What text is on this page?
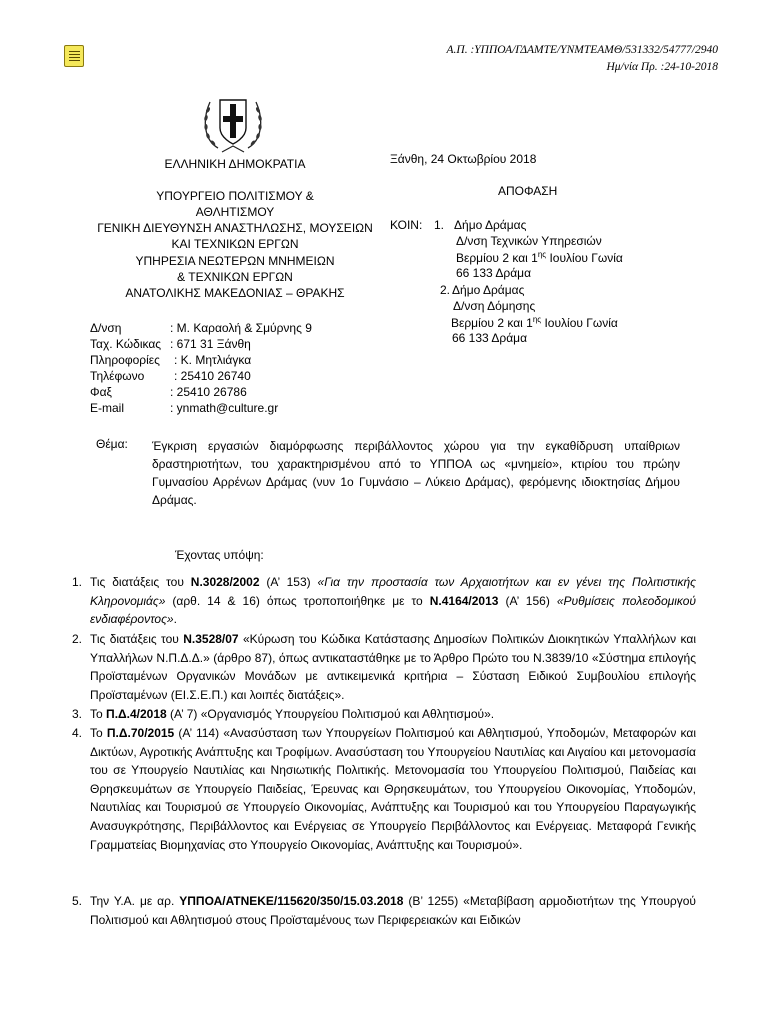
Α.Π. :ΥΠΠΟΑ/ΓΔΑΜΤΕ/ΥΝΜΤΕΑΜΘ/531332/54777/2940
Ημ/νία Πρ. :24-10-2018
ΕΛΛΗΝΙΚΗ ΔΗΜΟΚΡΑΤΙΑ
ΥΠΟΥΡΓΕΙΟ ΠΟΛΙΤΙΣΜΟΥ &
ΑΘΛΗΤΙΣΜΟΥ
ΓΕΝΙΚΗ ΔΙΕΥΘΥΝΣΗ ΑΝΑΣΤΗΛΩΣΗΣ, ΜΟΥΣΕΙΩΝ
ΚΑΙ ΤΕΧΝΙΚΩΝ ΕΡΓΩΝ
ΥΠΗΡΕΣΙΑ ΝΕΩΤΕΡΩΝ ΜΝΗΜΕΙΩΝ
& ΤΕΧΝΙΚΩΝ ΕΡΓΩΝ
ΑΝΑΤΟΛΙΚΗΣ ΜΑΚΕΔΟΝΙΑΣ – ΘΡΑΚΗΣ
Ξάνθη, 24 Οκτωβρίου 2018
ΑΠΟΦΑΣΗ
ΚΟΙΝ: 1. Δήμο Δράμας
Δ/νση Τεχνικών Υπηρεσιών
Βερμίου 2 και $1^{\eta\varsigma}$ Ιουλίου Γωνία
66 133 Δράμα
2. Δήμο Δράμας
Δ/νση Δόμησης
Βερμίου 2 και $1^{\eta\varsigma}$ Ιουλίου Γωνία
66 133 Δράμα
Δ/νση	: Μ. Καραολή & Σμύρνης 9
Ταχ. Κώδικας : 671 31 Ξάνθη
Πληροφορίες : Κ. Μητλιάγκα
Τηλέφωνο : 25410 26740
Φαξ	: 25410 26786
E-mail	: ynmath@culture.gr
Θέμα: Έγκριση εργασιών διαμόρφωσης περιβάλλοντος χώρου για την εγκαθίδρυση υπαίθριων δραστηριοτήτων, του χαρακτηρισμένου από το ΥΠΠΟΑ ως «μνημείο», κτιρίου του πρώην Γυμνασίου Αρρένων Δράμας (νυν 1ο Γυμνάσιο – Λύκειο Δράμας), φερόμενης ιδιοκτησίας Δήμου Δράμας.
Έχοντας υπόψη:
1. Τις διατάξεις του Ν.3028/2002 (Α’ 153) «Για την προστασία των Αρχαιοτήτων και εν γένει της Πολιτιστικής Κληρονομιάς» (αρθ. 14 & 16) όπως τροποποιήθηκε με το Ν.4164/2013 (Α’ 156) «Ρυθμίσεις πολεοδομικού ενδιαφέροντος».
2. Τις διατάξεις του Ν.3528/07 «Κύρωση του Κώδικα Κατάστασης Δημοσίων Πολιτικών Διοικητικών Υπαλλήλων και Υπαλλήλων Ν.Π.Δ.Δ.» (άρθρο 87), όπως αντικαταστάθηκε με το Άρθρο Πρώτο του Ν.3839/10 «Σύστημα επιλογής Προϊσταμένων Οργανικών Μονάδων με αντικειμενικά κριτήρια – Σύσταση Ειδικού Συμβουλίου επιλογής Προϊσταμένων (ΕΙ.Σ.Ε.Π.) και λοιπές διατάξεις».
3. Το Π.Δ.4/2018 (Α’ 7) «Οργανισμός Υπουργείου Πολιτισμού και Αθλητισμού».
4. Το Π.Δ.70/2015 (Α’ 114) «Ανασύσταση των Υπουργείων Πολιτισμού και Αθλητισμού, Υποδομών, Μεταφορών και Δικτύων, Αγροτικής Ανάπτυξης και Τροφίμων. Ανασύσταση του Υπουργείου Ναυτιλίας και Αιγαίου και μετονομασία του σε Υπουργείο Ναυτιλίας και Νησιωτικής Πολιτικής. Μετονομασία του Υπουργείου Πολιτισμού, Παιδείας και Θρησκευμάτων σε Υπουργείο Παιδείας, Έρευνας και Θρησκευμάτων, του Υπουργείου Οικονομίας, Υποδομών, Ναυτιλίας και Τουρισμού σε Υπουργείο Οικονομίας, Ανάπτυξης και Τουρισμού και του Υπουργείου Παραγωγικής Ανασυγκρότησης, Περιβάλλοντος και Ενέργειας σε Υπουργείο Περιβάλλοντος και Ενέργειας. Μεταφορά Γενικής Γραμματείας Βιομηχανίας στο Υπουργείο Οικονομίας, Ανάπτυξης και Τουρισμού».
5. Την Υ.Α. με αρ. ΥΠΠΟΑ/ΑΤΝΕΚΕ/115620/350/15.03.2018 (Β’ 1255) «Μεταβίβαση αρμοδιοτήτων της Υπουργού Πολιτισμού και Αθλητισμού στους Προϊσταμένους των Περιφερειακών και Ειδικών
